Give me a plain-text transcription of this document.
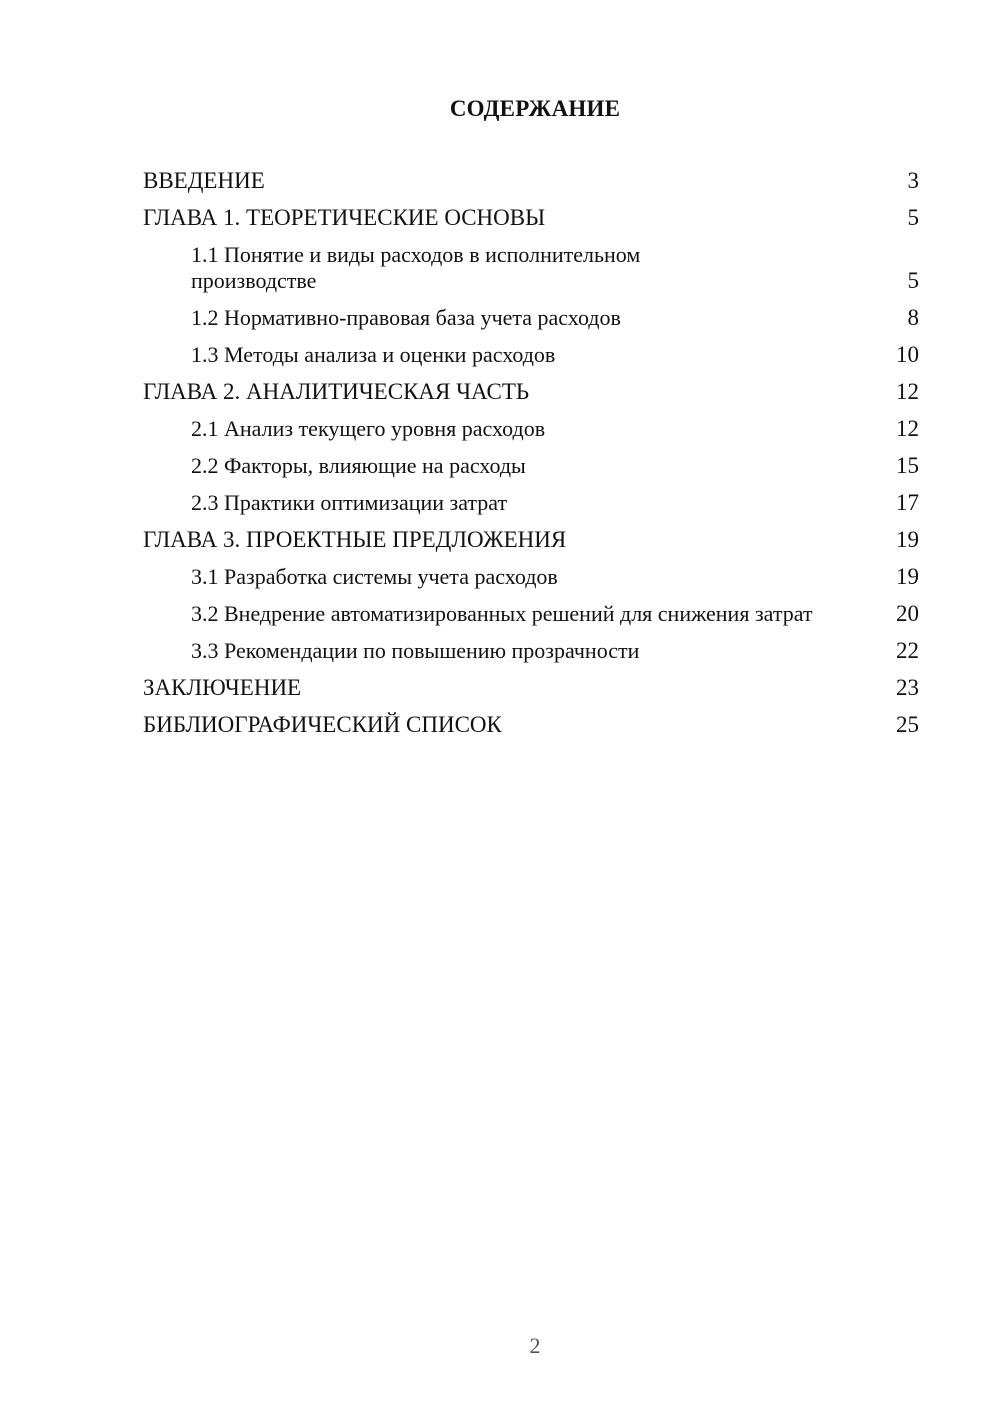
СОДЕРЖАНИЕ
ВВЕДЕНИЕ	3
ГЛАВА 1. ТЕОРЕТИЧЕСКИЕ ОСНОВЫ	5
1.1 Понятие и виды расходов в исполнительном производстве	5
1.2 Нормативно-правовая база учета расходов	8
1.3 Методы анализа и оценки расходов	10
ГЛАВА 2. АНАЛИТИЧЕСКАЯ ЧАСТЬ	12
2.1 Анализ текущего уровня расходов	12
2.2 Факторы, влияющие на расходы	15
2.3 Практики оптимизации затрат	17
ГЛАВА 3. ПРОЕКТНЫЕ ПРЕДЛОЖЕНИЯ	19
3.1 Разработка системы учета расходов	19
3.2 Внедрение автоматизированных решений для снижения затрат	20
3.3 Рекомендации по повышению прозрачности	22
ЗАКЛЮЧЕНИЕ	23
БИБЛИОГРАФИЧЕСКИЙ СПИСОК	25
2
